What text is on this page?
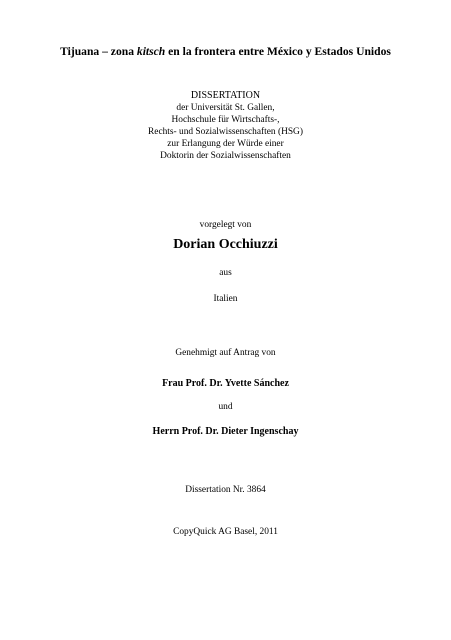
Tijuana – zona kitsch en la frontera entre México y Estados Unidos
DISSERTATION
der Universität St. Gallen,
Hochschule für Wirtschafts-,
Rechts- und Sozialwissenschaften (HSG)
zur Erlangung der Würde einer
Doktorin der Sozialwissenschaften
vorgelegt von
Dorian Occhiuzzi
aus
Italien
Genehmigt auf Antrag von
Frau Prof. Dr. Yvette Sánchez
und
Herrn Prof. Dr. Dieter Ingenschay
Dissertation Nr. 3864
CopyQuick AG Basel, 2011
